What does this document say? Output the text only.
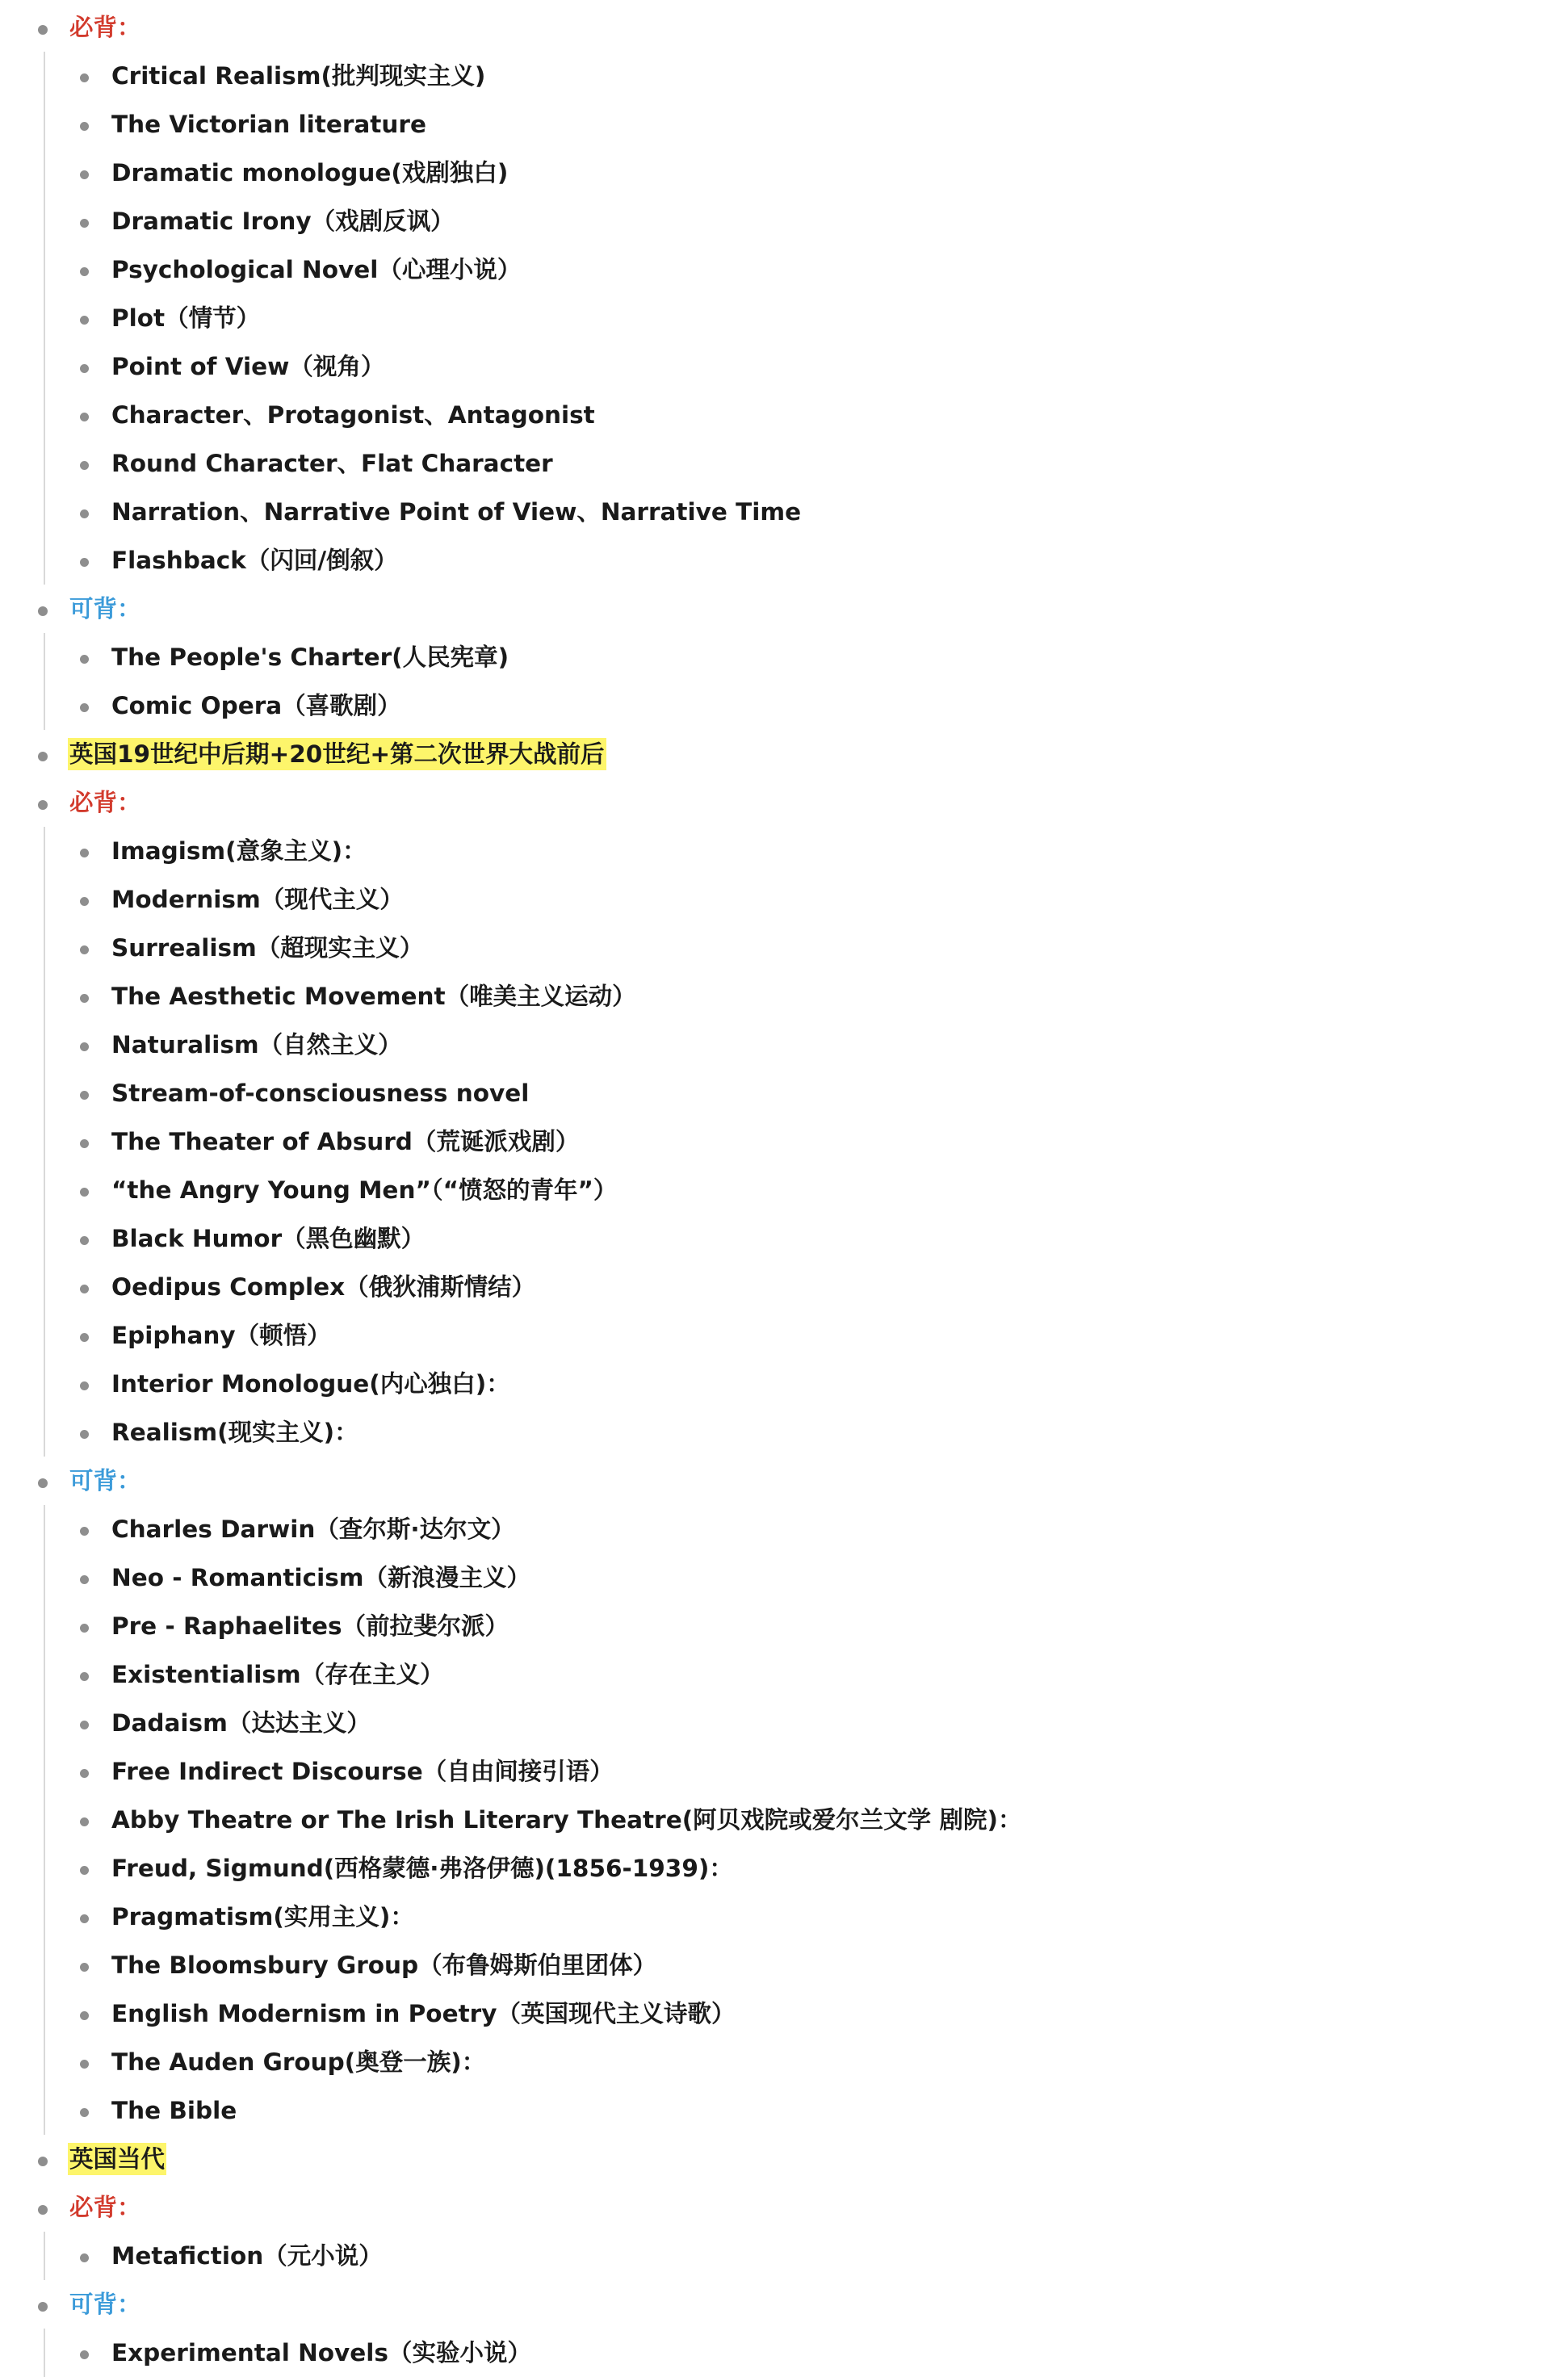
必背：
Critical Realism(批判现实主义)
The Victorian literature
Dramatic monologue(戏剧独白)
Dramatic Irony（戏剧反讽）
Psychological Novel（心理小说）
Plot（情节）
Point of View（视角）
Character、Protagonist、Antagonist
Round Character、Flat Character
Narration、Narrative Point of View、Narrative Time
Flashback（闪回/倒叙）
可背：
The People's Charter(人民宪章)
Comic Opera（喜歌剧）
英国19世纪中后期+20世纪+第二次世界大战前后
必背：
Imagism(意象主义)：
Modernism（现代主义）
Surrealism（超现实主义）
The Aesthetic Movement（唯美主义运动）
Naturalism（自然主义）
Stream-of-consciousness novel
The Theater of Absurd（荒诞派戏剧）
“the Angry Young Men”（“愤怒的青年”）
Black Humor（黑色幽默）
Oedipus Complex（俄狄浦斯情结）
Epiphany（顿悟）
Interior Monologue(内心独白)：
Realism(现实主义)：
可背：
Charles Darwin（查尔斯·达尔文）
Neo - Romanticism（新浪漫主义）
Pre - Raphaelites（前拉斐尔派）
Existentialism（存在主义）
Dadaism（达达主义）
Free Indirect Discourse（自由间接引语）
Abby Theatre or The Irish Literary Theatre(阿贝戏院或爱尔兰文学 剧院)：
Freud, Sigmund(西格蒙德·弗洛伊德)(1856-1939)：
Pragmatism(实用主义)：
The Bloomsbury Group（布鲁姆斯伯里团体）
English Modernism in Poetry（英国现代主义诗歌）
The Auden Group(奥登一族)：
The Bible
英国当代
必背：
Metafiction（元小说）
可背：
Experimental Novels（实验小说）
